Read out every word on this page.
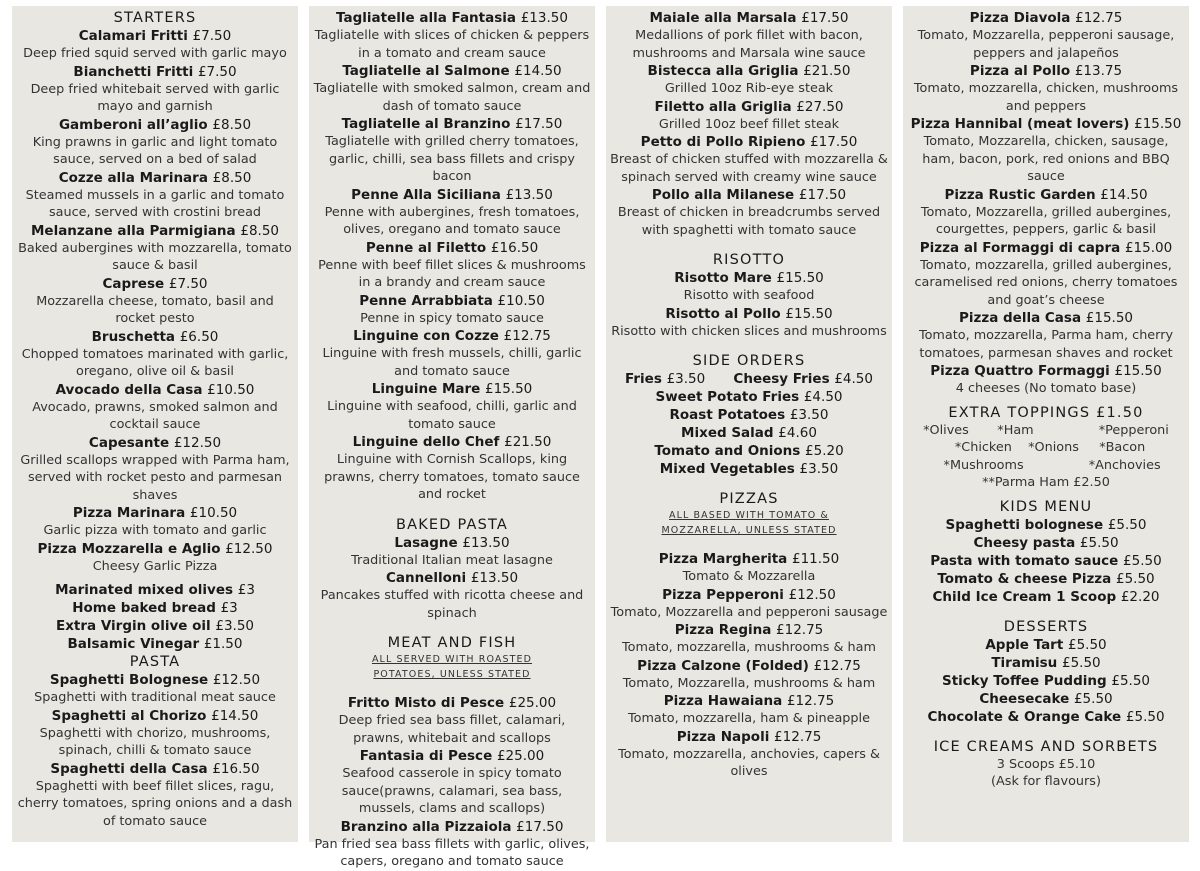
STARTERS
Calamari Fritti £7.50
Deep fried squid served with garlic mayo
Bianchetti Fritti £7.50
Deep fried whitebait served with garlic mayo and garnish
Gamberoni all’aglio £8.50
King prawns in garlic and light tomato sauce, served on a bed of salad
Cozze alla Marinara £8.50
Steamed mussels in a garlic and tomato sauce, served with crostini bread
Melanzane alla Parmigiana £8.50
Baked aubergines with mozzarella, tomato sauce & basil
Caprese £7.50
Mozzarella cheese, tomato, basil and rocket pesto
Bruschetta £6.50
Chopped tomatoes marinated with garlic, oregano, olive oil & basil
Avocado della Casa £10.50
Avocado, prawns, smoked salmon and cocktail sauce
Capesante £12.50
Grilled scallops wrapped with Parma ham, served with rocket pesto and parmesan shaves
Pizza Marinara £10.50
Garlic pizza with tomato and garlic
Pizza Mozzarella e Aglio £12.50
Cheesy Garlic Pizza
Marinated mixed olives £3
Home baked bread £3
Extra Virgin olive oil £3.50
Balsamic Vinegar £1.50
PASTA
Spaghetti Bolognese £12.50
Spaghetti with traditional meat sauce
Spaghetti al Chorizo £14.50
Spaghetti with chorizo, mushrooms, spinach, chilli & tomato sauce
Spaghetti della Casa £16.50
Spaghetti with beef fillet slices, ragu, cherry tomatoes, spring onions and a dash of tomato sauce
Tagliatelle alla Fantasia £13.50
Tagliatelle with slices of chicken & peppers in a tomato and cream sauce
Tagliatelle al Salmone £14.50
Tagliatelle with smoked salmon, cream and dash of tomato sauce
Tagliatelle al Branzino £17.50
Tagliatelle with grilled cherry tomatoes, garlic, chilli, sea bass fillets and crispy bacon
Penne Alla Siciliana £13.50
Penne with aubergines, fresh tomatoes, olives, oregano and tomato sauce
Penne al Filetto £16.50
Penne with beef fillet slices & mushrooms in a brandy and cream sauce
Penne Arrabbiata £10.50
Penne in spicy tomato sauce
Linguine con Cozze £12.75
Linguine with fresh mussels, chilli, garlic and tomato sauce
Linguine Mare £15.50
Linguine with seafood, chilli, garlic and tomato sauce
Linguine dello Chef £21.50
Linguine with Cornish Scallops, king prawns, cherry tomatoes, tomato sauce and rocket
BAKED PASTA
Lasagne £13.50
Traditional Italian meat lasagne
Cannelloni £13.50
Pancakes stuffed with ricotta cheese and spinach
MEAT AND FISH
ALL SERVED WITH ROASTED POTATOES, UNLESS STATED
Fritto Misto di Pesce £25.00
Deep fried sea bass fillet, calamari, prawns, whitebait and scallops
Fantasia di Pesce £25.00
Seafood casserole in spicy tomato sauce(prawns, calamari, sea bass, mussels, clams and scallops)
Branzino alla Pizzaiola £17.50
Pan fried sea bass fillets with garlic, olives, capers, oregano and tomato sauce
Maiale alla Marsala £17.50
Medallions of pork fillet with bacon, mushrooms and Marsala wine sauce
Bistecca alla Griglia £21.50
Grilled 10oz Rib-eye steak
Filetto alla Griglia £27.50
Grilled 10oz beef fillet steak
Petto di Pollo Ripieno £17.50
Breast of chicken stuffed with mozzarella & spinach served with creamy wine sauce
Pollo alla Milanese £17.50
Breast of chicken in breadcrumbs served with spaghetti with tomato sauce
RISOTTO
Risotto Mare £15.50
Risotto with seafood
Risotto al Pollo £15.50
Risotto with chicken slices and mushrooms
SIDE ORDERS
Fries £3.50 Cheesy Fries £4.50
Sweet Potato Fries £4.50
Roast Potatoes £3.50
Mixed Salad £4.60
Tomato and Onions £5.20
Mixed Vegetables £3.50
PIZZAS
ALL BASED WITH TOMATO & MOZZARELLA, UNLESS STATED
Pizza Margherita £11.50
Tomato & Mozzarella
Pizza Pepperoni £12.50
Tomato, Mozzarella and pepperoni sausage
Pizza Regina £12.75
Tomato, mozzarella, mushrooms & ham
Pizza Calzone (Folded) £12.75
Tomato, Mozzarella, mushrooms & ham
Pizza Hawaiana £12.75
Tomato, mozzarella, ham & pineapple
Pizza Napoli £12.75
Tomato, mozzarella, anchovies, capers & olives
Pizza Diavola £12.75
Tomato, Mozzarella, pepperoni sausage, peppers and jalapeños
Pizza al Pollo £13.75
Tomato, mozzarella, chicken, mushrooms and peppers
Pizza Hannibal (meat lovers) £15.50
Tomato, Mozzarella, chicken, sausage, ham, bacon, pork, red onions and BBQ sauce
Pizza Rustic Garden £14.50
Tomato, Mozzarella, grilled aubergines, courgettes, peppers, garlic & basil
Pizza al Formaggi di capra £15.00
Tomato, mozzarella, grilled aubergines, caramelised red onions, cherry tomatoes and goat’s cheese
Pizza della Casa £15.50
Tomato, mozzarella, Parma ham, cherry tomatoes, parmesan shaves and rocket
Pizza Quattro Formaggi £15.50
4 cheeses (No tomato base)
EXTRA TOPPINGS £1.50
*Olives       *Ham                *Pepperoni
*Chicken    *Onions     *Bacon
*Mushrooms                *Anchovies
**Parma Ham £2.50
KIDS MENU
Spaghetti bolognese £5.50
Cheesy pasta £5.50
Pasta with tomato sauce £5.50
Tomato & cheese Pizza £5.50
Child Ice Cream 1 Scoop £2.20
DESSERTS
Apple Tart £5.50
Tiramisu £5.50
Sticky Toffee Pudding £5.50
Cheesecake £5.50
Chocolate & Orange Cake £5.50
ICE CREAMS AND SORBETS
3 Scoops £5.10
(Ask for flavours)
